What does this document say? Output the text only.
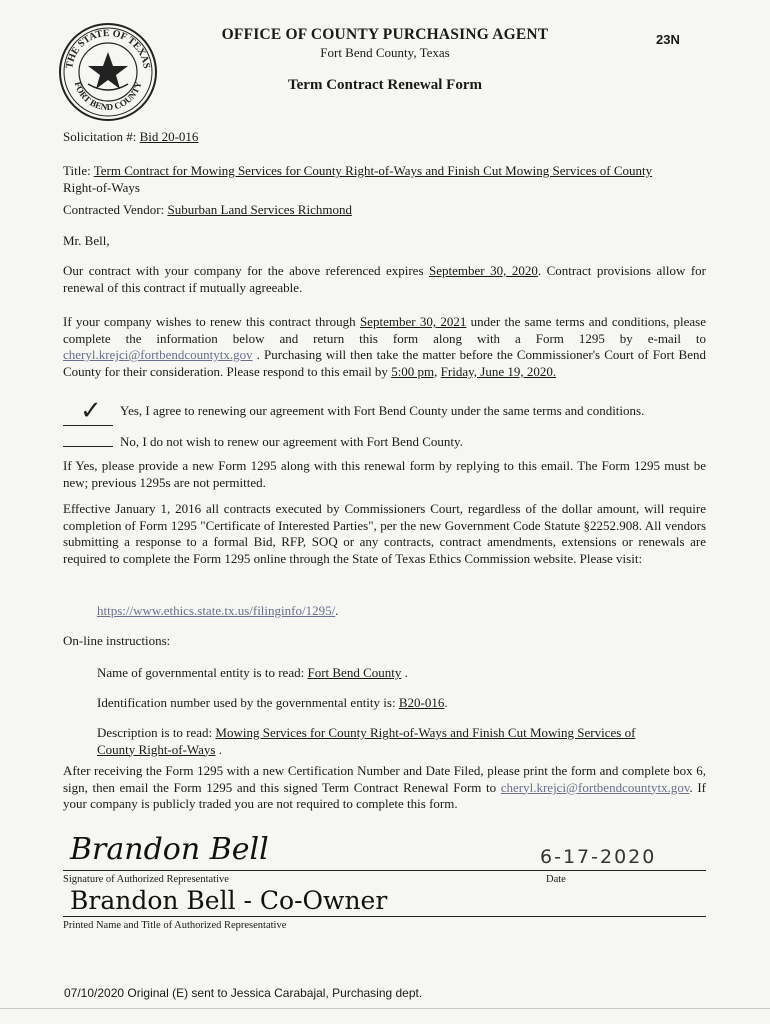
THE STATE OF TEXAS
FORT BEND COUNTY
OFFICE OF COUNTY PURCHASING AGENT
Fort Bend County, Texas
23N
Term Contract Renewal Form
Solicitation #: Bid 20-016
Title: Term Contract for Mowing Services for County Right-of-Ways and Finish Cut Mowing Services of County
Right-of-Ways
Contracted Vendor: Suburban Land Services Richmond
Mr. Bell,
Our contract with your company for the above referenced expires September 30, 2020. Contract provisions allow for renewal of this contract if mutually agreeable.
If your company wishes to renew this contract through September 30, 2021 under the same terms and conditions, please complete the information below and return this form along with a Form 1295 by e-mail to cheryl.krejci@fortbendcountytx.gov . Purchasing will then take the matter before the Commissioner's Court of Fort Bend County for their consideration. Please respond to this email by 5:00 pm, Friday, June 19, 2020.
✓ Yes, I agree to renewing our agreement with Fort Bend County under the same terms and conditions.
No, I do not wish to renew our agreement with Fort Bend County.
If Yes, please provide a new Form 1295 along with this renewal form by replying to this email. The Form 1295 must be new; previous 1295s are not permitted.
Effective January 1, 2016 all contracts executed by Commissioners Court, regardless of the dollar amount, will require completion of Form 1295 "Certificate of Interested Parties", per the new Government Code Statute §2252.908. All vendors submitting a response to a formal Bid, RFP, SOQ or any contracts, contract amendments, extensions or renewals are required to complete the Form 1295 online through the State of Texas Ethics Commission website. Please visit:
https://www.ethics.state.tx.us/filinginfo/1295/.
On-line instructions:
Name of governmental entity is to read: Fort Bend County .
Identification number used by the governmental entity is: B20-016.
Description is to read: Mowing Services for County Right-of-Ways and Finish Cut Mowing Services of
County Right-of-Ways .
After receiving the Form 1295 with a new Certification Number and Date Filed, please print the form and complete box 6, sign, then email the Form 1295 and this signed Term Contract Renewal Form to cheryl.krejci@fortbendcountytx.gov. If your company is publicly traded you are not required to complete this form.
Brandon Bell	6-17-2020
Signature of Authorized Representative	Date
Brandon Bell - Co-Owner
Printed Name and Title of Authorized Representative
07/10/2020 Original (E) sent to Jessica Carabajal, Purchasing dept.
